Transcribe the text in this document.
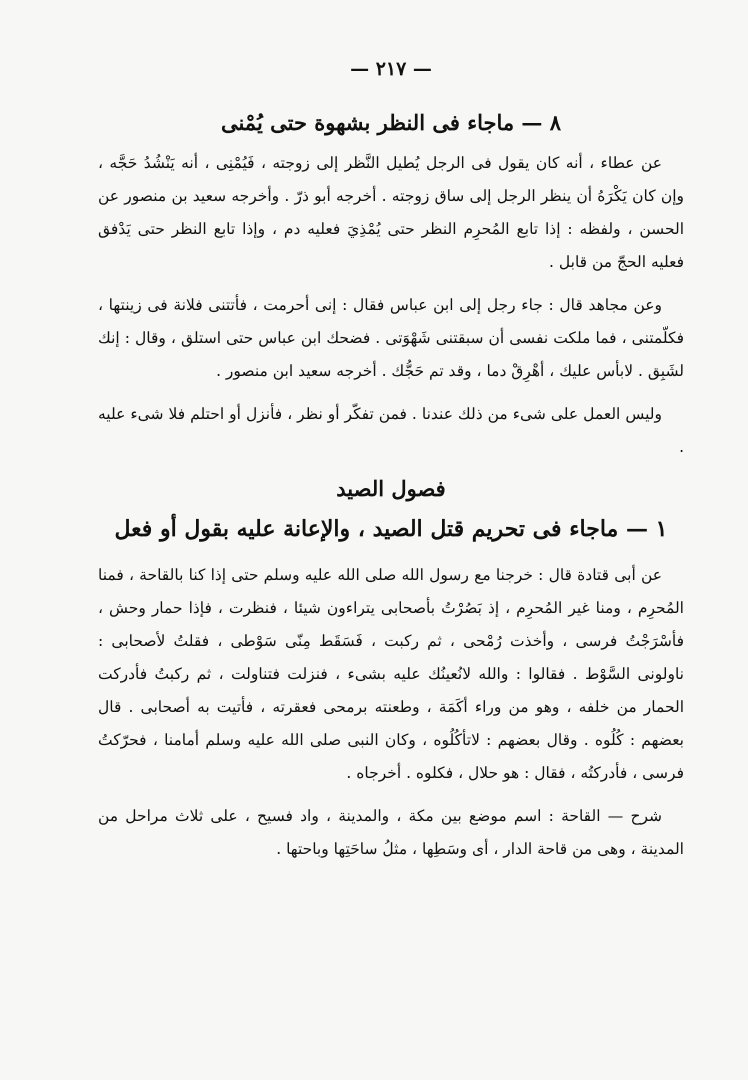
— ٢١٧ —
٨ — ماجاء فى النظر بشهوة حتى يُمْنى

عن عطاء ، أنه كان يقول فى الرجل يُطيل النَّظر إلى زوجته ، فَيُمْنِى ، أنه يَنْشُدُ حَجَّه ، وإن كان يَكْرَهُ أن ينظر الرجل إلى ساق زوجته . أخرجه أبو ذرّ . وأخرجه سعيد بن منصور عن الحسن ، ولفظه : إذا تابع المُحرِم النظر حتى يُمْذِيَ فعليه دم ، وإذا تابع النظر حتى يَدْفق فعليه الحجّ من قابل .

وعن مجاهد قال : جاء رجل إلى ابن عباس فقال : إنى أحرمت ، فأتتنى فلانة فى زينتها ، فكلّمتنى ، فما ملكت نفسى أن سبقتنى شَهْوَتى . فضحك ابن عباس حتى استلق ، وقال : إنك لشَبِق . لابأس عليك ، أهْرِقْ دما ، وقد تم حَجُّك . أخرجه سعيد ابن منصور .

وليس العمل على شىء من ذلك عندنا . فمن تفكّر أو نظر ، فأنزل أو احتلم فلا شىء عليه .

فصول الصيد
١ — ماجاء فى تحريم قتل الصيد ، والإعانة عليه بقول أو فعل

عن أبى قتادة قال : خرجنا مع رسول الله صلى الله عليه وسلم حتى إذا كنا بالقاحة ، فمنا المُحرِم ، ومنا غير المُحرِم ، إذ بَصُرْتُ بأصحابى يتراءون شيئا ، فنظرت ، فإذا حمار وحش ، فأسْرَجْتُ فرسى ، وأخذت رُمْحى ، ثم ركبت ، فَسَقَط مِنّى سَوْطى ، فقلتُ لأصحابى : ناولونى السَّوْط . فقالوا : والله لانُعينُك عليه بشىء ، فنزلت فتناولت ، ثم ركبتُ فأدركت الحمار من خلفه ، وهو من وراء أكَمَة ، وطعنته برمحى فعقرته ، فأتيت به أصحابى . قال بعضهم : كُلُوه . وقال بعضهم : لاتأكُلُوه ، وكان النبى صلى الله عليه وسلم أمامنا ، فحرّكتُ فرسى ، فأدركتُه ، فقال : هو حلال ، فكلوه . أخرجاه .

شرح — القاحة : اسم موضع بين مكة ، والمدينة ، واد فسيح ، على ثلاث مراحل من المدينة ، وهى من قاحة الدار ، أى وسَطِها ، مثلُ ساحَتِها وباحتها .
